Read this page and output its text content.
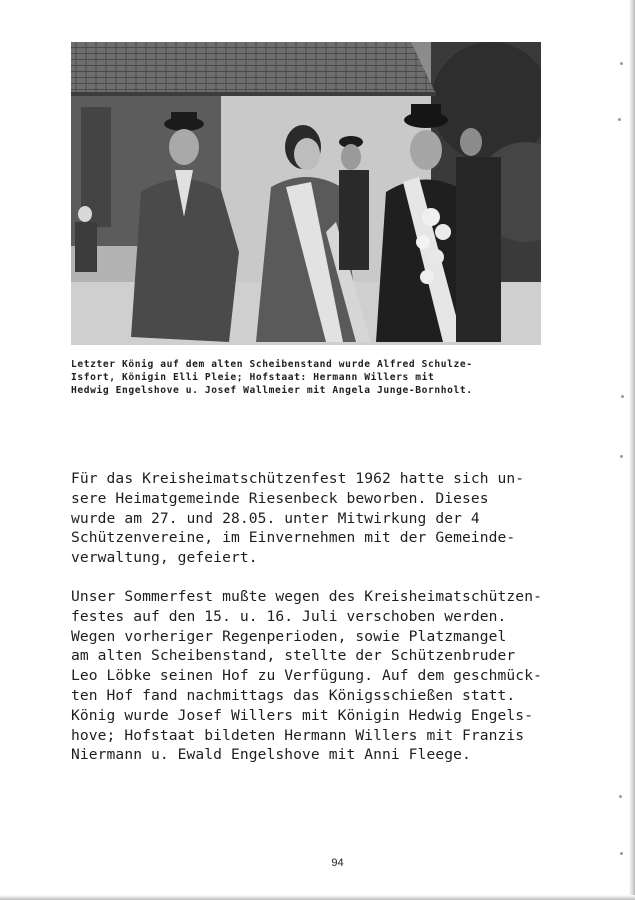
Letzter König auf dem alten Scheibenstand wurde Alfred Schulze-
Isfort, Königin Elli Pleie; Hofstaat: Hermann Willers mit
Hedwig Engelshove u. Josef Wallmeier mit Angela Junge-Bornholt.
Für das Kreisheimatschützenfest 1962 hatte sich un-
sere Heimatgemeinde Riesenbeck beworben. Dieses
wurde am 27. und 28.05. unter Mitwirkung der 4
Schützenvereine, im Einvernehmen mit der Gemeinde-
verwaltung, gefeiert.
Unser Sommerfest mußte wegen des Kreisheimatschützen-
festes auf den 15. u. 16. Juli verschoben werden.
Wegen vorheriger Regenperioden, sowie Platzmangel
am alten Scheibenstand, stellte der Schützenbruder
Leo Löbke seinen Hof zu Verfügung. Auf dem geschmück-
ten Hof fand nachmittags das Königsschießen statt.
König wurde Josef Willers mit Königin Hedwig Engels-
hove; Hofstaat bildeten Hermann Willers mit Franzis
Niermann u. Ewald Engelshove mit Anni Fleege.
94
